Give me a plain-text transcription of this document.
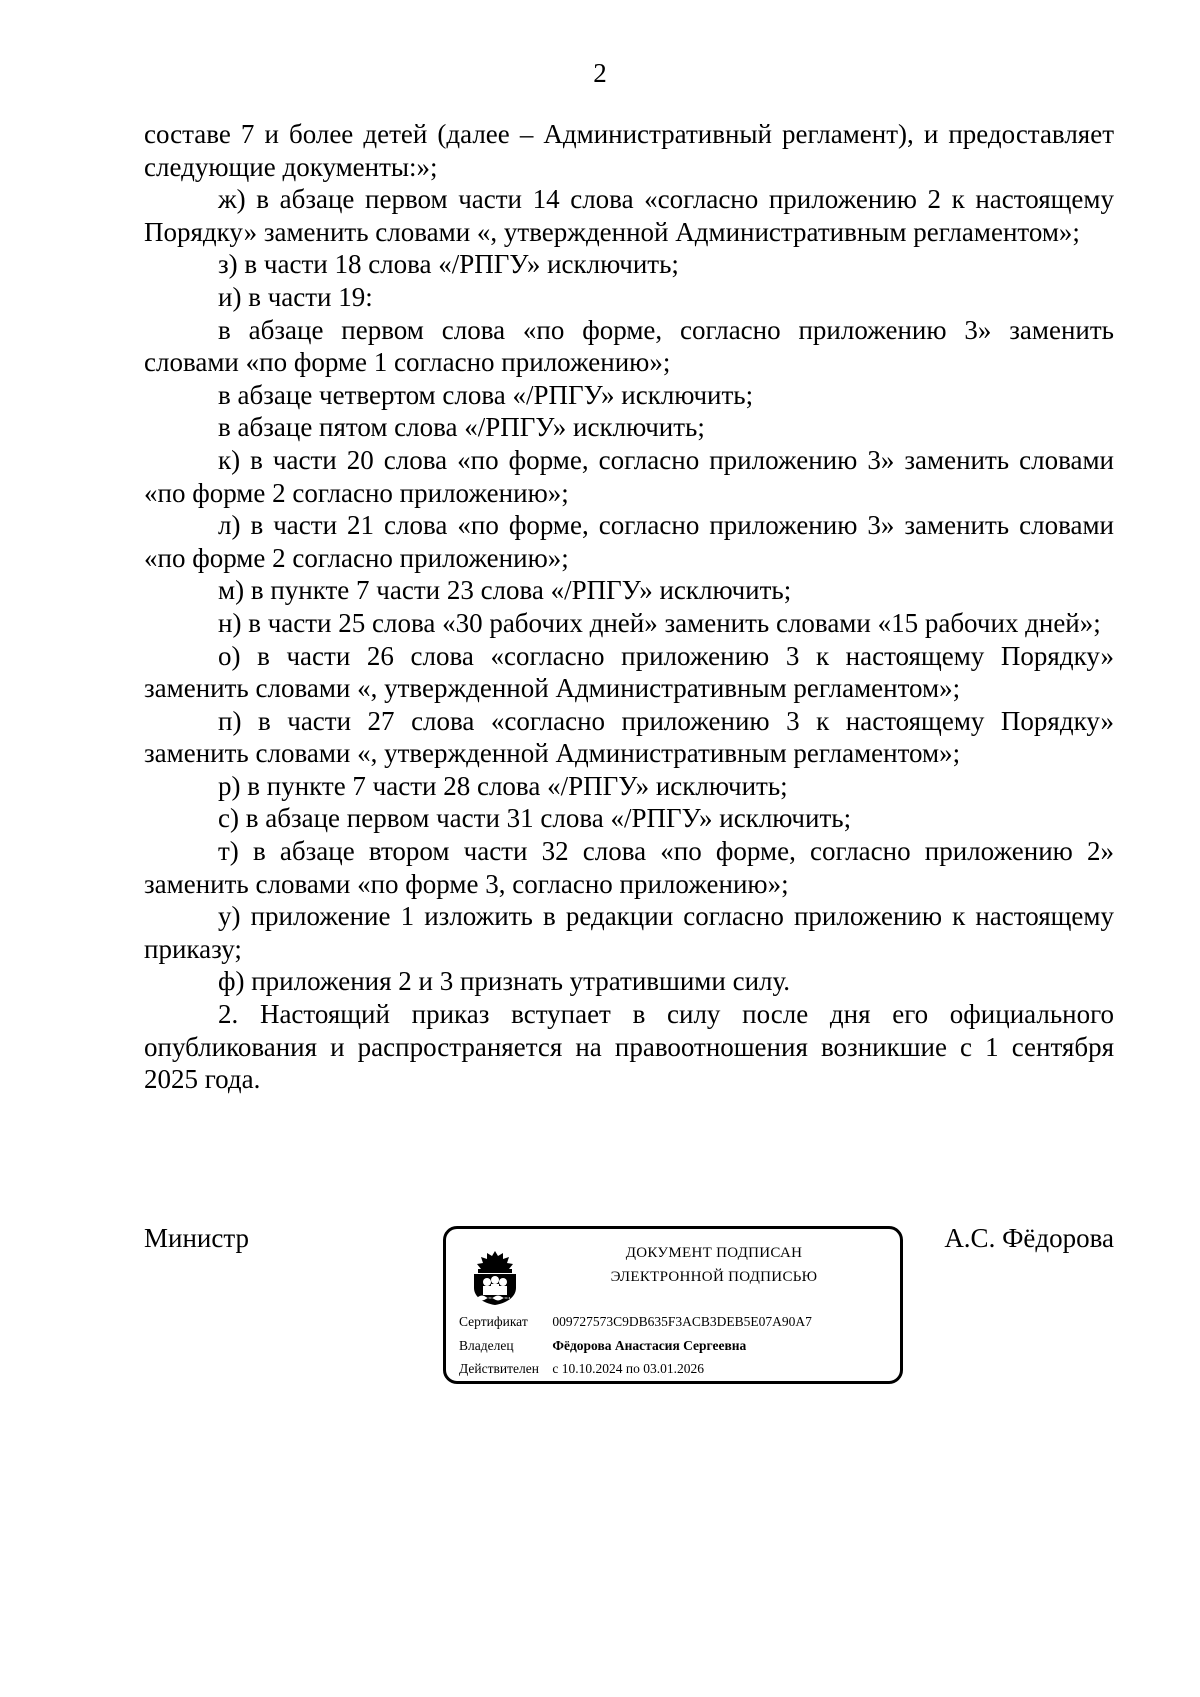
2

составе 7 и более детей (далее – Административный регламент), и предоставляет следующие документы:»;

ж) в абзаце первом части 14 слова «согласно приложению 2 к настоящему Порядку» заменить словами «, утвержденной Административным регламентом»;

з) в части 18 слова «/РПГУ» исключить;

и) в части 19:

в абзаце первом слова «по форме, согласно приложению 3» заменить словами «по форме 1 согласно приложению»;

в абзаце четвертом слова «/РПГУ» исключить;

в абзаце пятом слова «/РПГУ» исключить;

к) в части 20 слова «по форме, согласно приложению 3» заменить словами «по форме 2 согласно приложению»;

л) в части 21 слова «по форме, согласно приложению 3» заменить словами «по форме 2 согласно приложению»;

м) в пункте 7 части 23 слова «/РПГУ» исключить;

н) в части 25 слова «30 рабочих дней» заменить словами «15 рабочих дней»;

о) в части 26 слова «согласно приложению 3 к настоящему Порядку» заменить словами «, утвержденной Административным регламентом»;

п) в части 27 слова «согласно приложению 3 к настоящему Порядку» заменить словами «, утвержденной Административным регламентом»;

р) в пункте 7 части 28 слова «/РПГУ» исключить;

с) в абзаце первом части 31 слова «/РПГУ» исключить;

т) в абзаце втором части 32 слова «по форме, согласно приложению 2» заменить словами «по форме 3, согласно приложению»;

у) приложение 1 изложить в редакции согласно приложению к настоящему приказу;

ф) приложения 2 и 3 признать утратившими силу.

2. Настоящий приказ вступает в силу после дня его официального опубликования и распространяется на правоотношения возникшие с 1 сентября 2025 года.

Министр	А.С. Фёдорова
ДОКУМЕНТ ПОДПИСАН
ЭЛЕКТРОННОЙ ПОДПИСЬЮ
Сертификат 009727573C9DB635F3ACB3DEB5E07A90A7
Владелец	Фёдорова Анастасия Сергеевна
Действителен с 10.10.2024 по 03.01.2026
